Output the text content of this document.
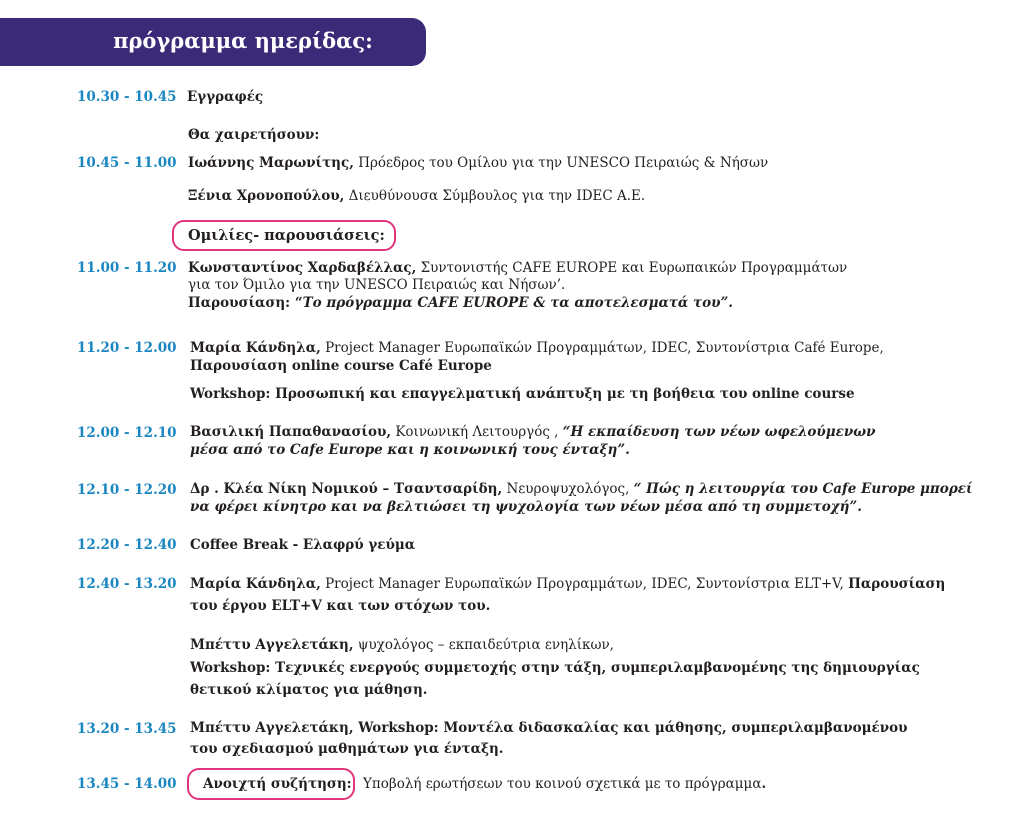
πρόγραμμα ημερίδας:
10.30 - 10.45 Εγγραφές
Θα χαιρετήσουν:
10.45 - 11.00 Ιωάννης Μαρωνίτης, Πρόεδρος του Ομίλου για την UNESCO Πειραιώς & Νήσων
Ξένια Χρονοπούλου, Διευθύνουσα Σύμβουλος για την IDEC A.E.
Ομιλίες- παρουσιάσεις:
11.00 - 11.20 Κωνσταντίνος Χαρδαβέλλας, Συντονιστής CAFE EUROPE και Ευρωπαικών Προγραμμάτων
για τον Όμιλο για την UNESCO Πειραιώς και Νήσων’.
Παρουσίαση: “Το πρόγραμμα CAFE EUROPE & τα αποτελεσματά του”.
11.20 - 12.00 Μαρία Κάνδηλα, Project Manager Ευρωπαϊκών Προγραμμάτων, IDEC, Συντονίστρια Café Europe,
Παρουσίαση online course Café Europe
Workshop: Προσωπική και επαγγελματική ανάπτυξη με τη βοήθεια του online course
12.00 - 12.10 Βασιλική Παπαθανασίου, Κοινωνική Λειτουργός , “Η εκπαίδευση των νέων ωφελούμενων
μέσα από το Cafe Europe και η κοινωνική τους ένταξη”.
12.10 - 12.20 Δρ . Κλέα Νίκη Νομικού – Τσαντσαρίδη, Νευροψυχολόγος, “ Πώς η λειτουργία του Cafe Europe μπορεί
να φέρει κίνητρο και να βελτιώσει τη ψυχολογία των νέων μέσα από τη συμμετοχή”.
12.20 - 12.40 Coffee Break - Ελαφρύ γεύμα
12.40 - 13.20 Μαρία Κάνδηλα, Project Manager Ευρωπαϊκών Προγραμμάτων, IDEC, Συντονίστρια ELT+V, Παρουσίαση
του έργου ELT+V και των στόχων του.
Μπέττυ Αγγελετάκη, ψυχολόγος – εκπαιδεύτρια ενηλίκων,
Workshop: Τεχνικές ενεργούς συμμετοχής στην τάξη, συμπεριλαμβανομένης της δημιουργίας
θετικού κλίματος για μάθηση.
13.20 - 13.45 Μπέττυ Αγγελετάκη, Workshop: Μοντέλα διδασκαλίας και μάθησης, συμπεριλαμβανομένου
του σχεδιασμού μαθημάτων για ένταξη.
13.45 - 14.00	Ανοιχτή συζήτηση: Υποβολή ερωτήσεων του κοινού σχετικά με το πρόγραμμα.
